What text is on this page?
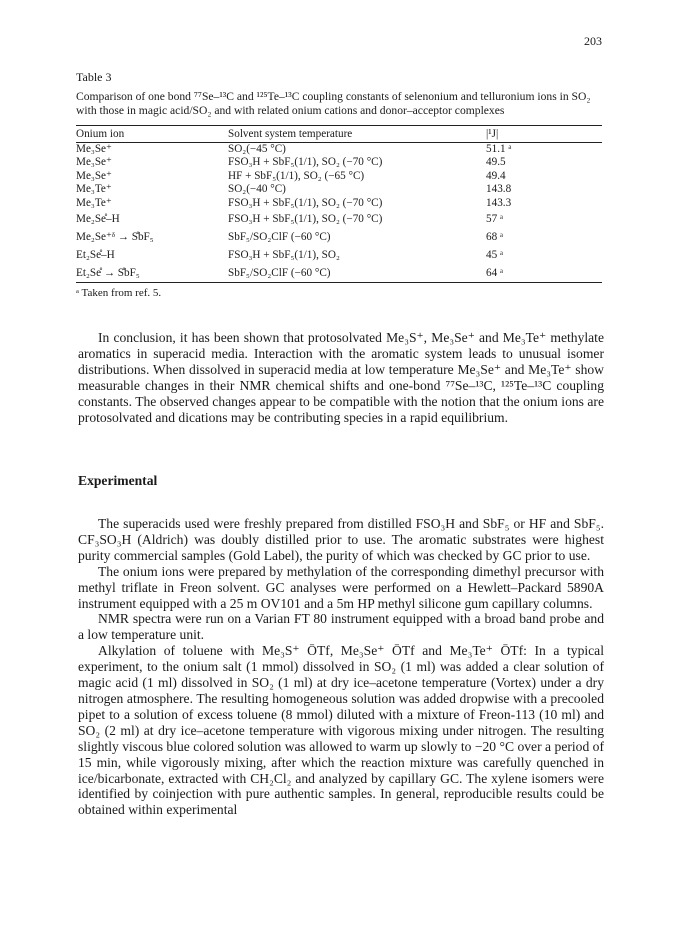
203
Table 3
Comparison of one bond ⁷⁷Se–¹³C and ¹²⁵Te–¹³C coupling constants of selenonium and telluronium ions in SO₂ with those in magic acid/SO₂ and with related onium cations and donor–acceptor complexes
Onium ion	Solvent system temperature	|¹J|
Me₃Se⁺	SO₂(−45 °C)	51.1 ᵃ
Me₃Se⁺	FSO₃H + SbF₅(1/1), SO₂ (−70 °C)	49.5
Me₃Se⁺	HF + SbF₅(1/1), SO₂ (−65 °C)	49.4
Me₃Te⁺	SO₂(−40 °C)	143.8
Me₃Te⁺	FSO₃H + SbF₅(1/1), SO₂ (−70 °C)	143.3
Me₂Se̊–H	FSO₃H + SbF₅(1/1), SO₂ (−70 °C)	57 ᵃ
Me₂Se⁺ᵟ → S̊bF₅	SbF₅/SO₂ClF (−60 °C)	68 ᵃ
Et₂Se̊–H	FSO₃H + SbF₅(1/1), SO₂	45 ᵃ
Et₂Se̊ → S̊bF₅	SbF₅/SO₂ClF (−60 °C)	64 ᵃ
ᵃ Taken from ref. 5.

In conclusion, it has been shown that protosolvated Me₃S⁺, Me₃Se⁺ and Me₃Te⁺ methylate aromatics in superacid media. Interaction with the aromatic system leads to unusual isomer distributions. When dissolved in superacid media at low temperature Me₃Se⁺ and Me₃Te⁺ show measurable changes in their NMR chemical shifts and one-bond ⁷⁷Se–¹³C, ¹²⁵Te–¹³C coupling constants. The observed changes appear to be compatible with the notion that the onium ions are protosolvated and dications may be contributing species in a rapid equilibrium.

Experimental

The superacids used were freshly prepared from distilled FSO₃H and SbF₅ or HF and SbF₅. CF₃SO₃H (Aldrich) was doubly distilled prior to use. The aromatic substrates were highest purity commercial samples (Gold Label), the purity of which was checked by GC prior to use.

The onium ions were prepared by methylation of the corresponding dimethyl precursor with methyl triflate in Freon solvent. GC analyses were performed on a Hewlett–Packard 5890A instrument equipped with a 25 m OV101 and a 5m HP methyl silicone gum capillary columns.

NMR spectra were run on a Varian FT 80 instrument equipped with a broad band probe and a low temperature unit.

Alkylation of toluene with Me₃S⁺ ŌTf, Me₃Se⁺ ŌTf and Me₃Te⁺ ŌTf: In a typical experiment, to the onium salt (1 mmol) dissolved in SO₂ (1 ml) was added a clear solution of magic acid (1 ml) dissolved in SO₂ (1 ml) at dry ice–acetone temperature (Vortex) under a dry nitrogen atmosphere. The resulting homogeneous solution was added dropwise with a precooled pipet to a solution of excess toluene (8 mmol) diluted with a mixture of Freon-113 (10 ml) and SO₂ (2 ml) at dry ice–acetone temperature with vigorous mixing under nitrogen. The resulting slightly viscous blue colored solution was allowed to warm up slowly to −20 °C over a period of 15 min, while vigorously mixing, after which the reaction mixture was carefully quenched in ice/bicarbonate, extracted with CH₂Cl₂ and analyzed by capillary GC. The xylene isomers were identified by coinjection with pure authentic samples. In general, reproducible results could be obtained within experimental
